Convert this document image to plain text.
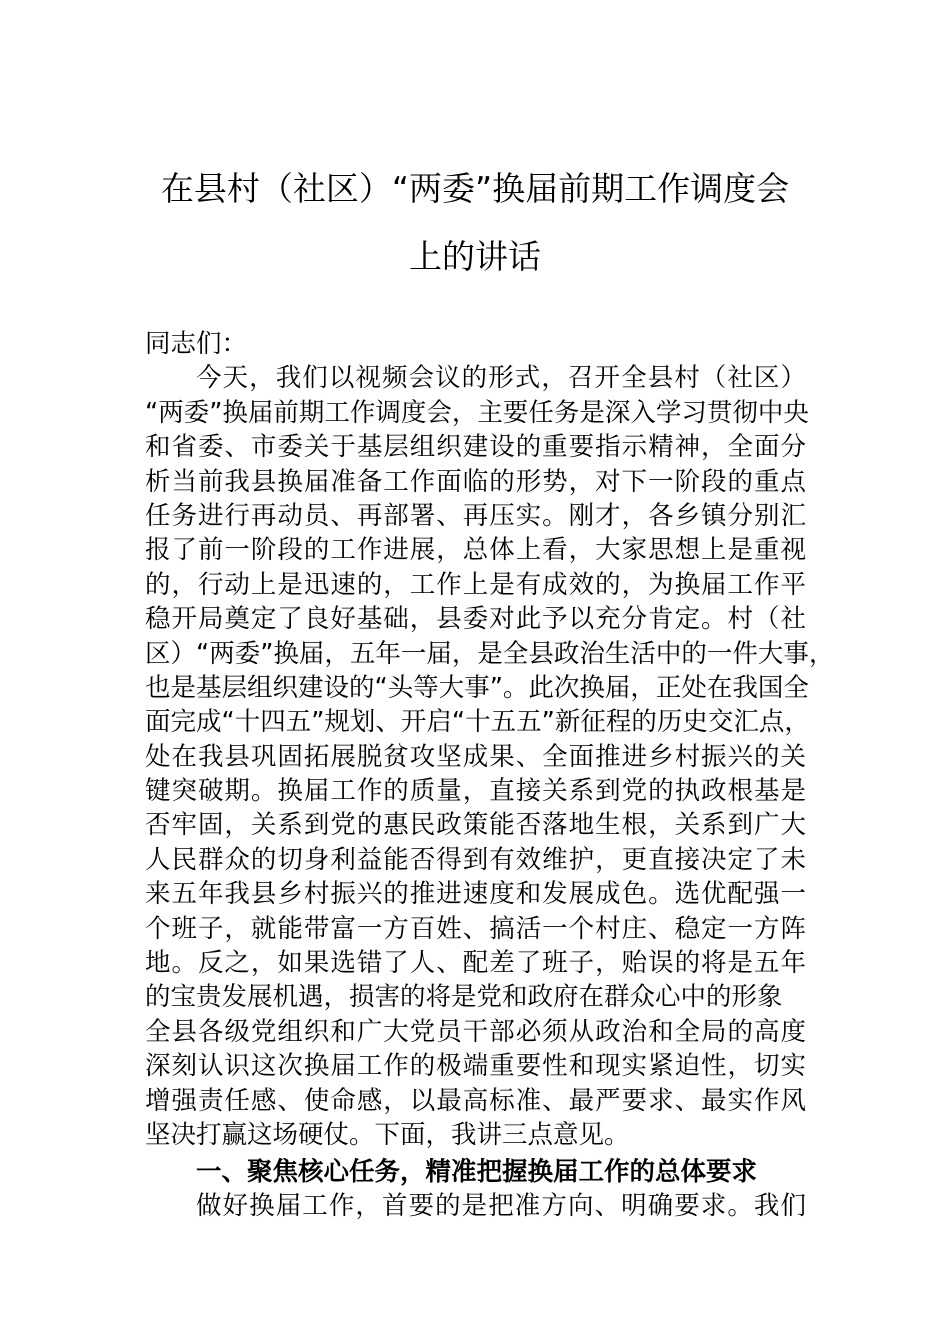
在县村（社区）“两委”换届前期工作调度会
上的讲话
同志们：
今天，我们以视频会议的形式，召开全县村（社区）
“两委”换届前期工作调度会，主要任务是深入学习贯彻中央
和省委、市委关于基层组织建设的重要指示精神，全面分
析当前我县换届准备工作面临的形势，对下一阶段的重点
任务进行再动员、再部署、再压实。刚才，各乡镇分别汇
报了前一阶段的工作进展，总体上看，大家思想上是重视
的，行动上是迅速的，工作上是有成效的，为换届工作平
稳开局奠定了良好基础，县委对此予以充分肯定。村（社
区）“两委”换届，五年一届，是全县政治生活中的一件大事，
也是基层组织建设的“头等大事”。此次换届，正处在我国全
面完成“十四五”规划、开启“十五五”新征程的历史交汇点，
处在我县巩固拓展脱贫攻坚成果、全面推进乡村振兴的关
键突破期。换届工作的质量，直接关系到党的执政根基是
否牢固，关系到党的惠民政策能否落地生根，关系到广大
人民群众的切身利益能否得到有效维护，更直接决定了未
来五年我县乡村振兴的推进速度和发展成色。选优配强一
个班子，就能带富一方百姓、搞活一个村庄、稳定一方阵
地。反之，如果选错了人、配差了班子，贻误的将是五年
的宝贵发展机遇，损害的将是党和政府在群众心中的形象
全县各级党组织和广大党员干部必须从政治和全局的高度
深刻认识这次换届工作的极端重要性和现实紧迫性，切实
增强责任感、使命感，以最高标准、最严要求、最实作风
坚决打赢这场硬仗。下面，我讲三点意见。
一、聚焦核心任务，精准把握换届工作的总体要求
做好换届工作，首要的是把准方向、明确要求。我们
